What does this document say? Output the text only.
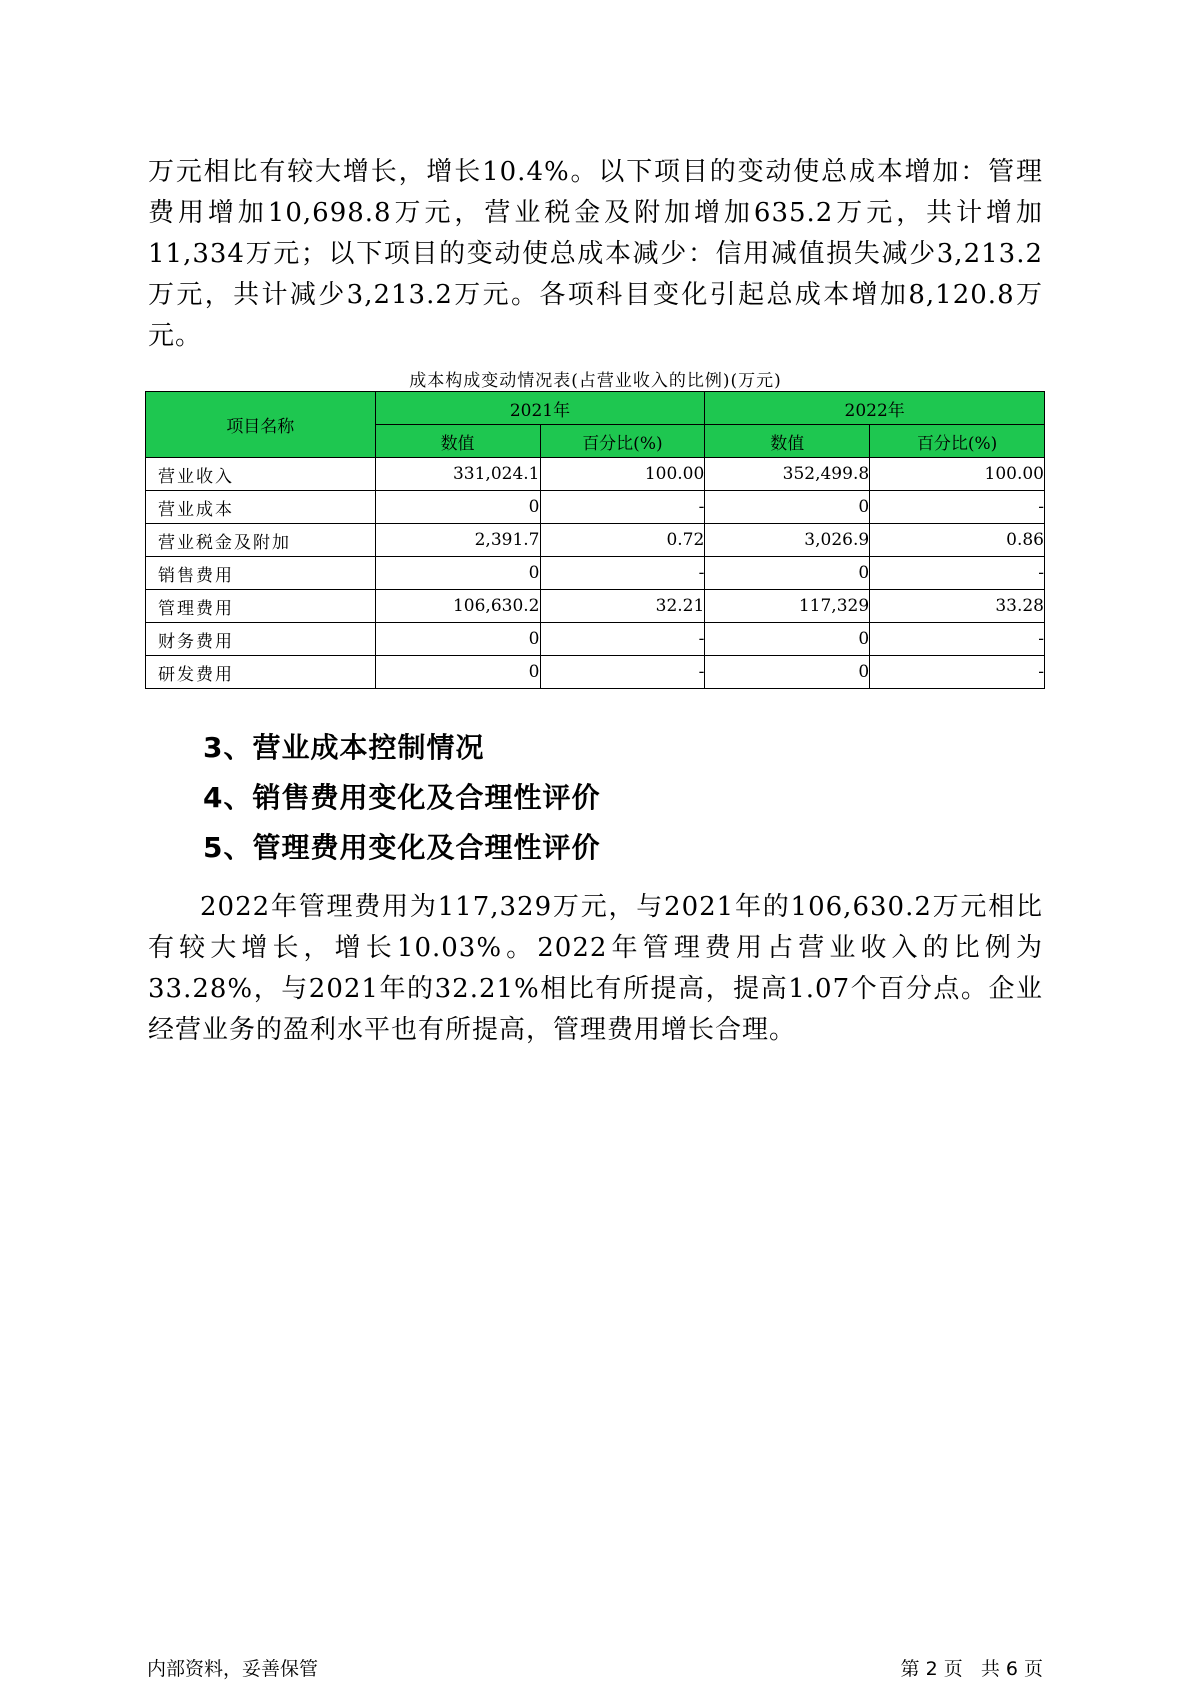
万元相比有较大增长，增长10.4%。以下项目的变动使总成本增加：管理费用增加10,698.8万元，营业税金及附加增加635.2万元，共计增加11,334万元；以下项目的变动使总成本减少：信用减值损失减少3,213.2万元，共计减少3,213.2万元。各项科目变化引起总成本增加8,120.8万元。

成本构成变动情况表(占营业收入的比例)(万元)
项目名称	2021年		2022年	
	数值	百分比(%)	数值	百分比(%)
营业收入	331,024.1	100.00	352,499.8	100.00
营业成本	0	-	0	-
营业税金及附加	2,391.7	0.72	3,026.9	0.86
销售费用	0	-	0	-
管理费用	106,630.2	32.21	117,329	33.28
财务费用	0	-	0	-
研发费用	0	-	0	-
3、营业成本控制情况
4、销售费用变化及合理性评价
5、管理费用变化及合理性评价

2022年管理费用为117,329万元，与2021年的106,630.2万元相比有较大增长，增长10.03%。2022年管理费用占营业收入的比例为33.28%，与2021年的32.21%相比有所提高，提高1.07个百分点。企业经营业务的盈利水平也有所提高，管理费用增长合理。

内部资料，妥善保管	第 2 页   共 6 页
